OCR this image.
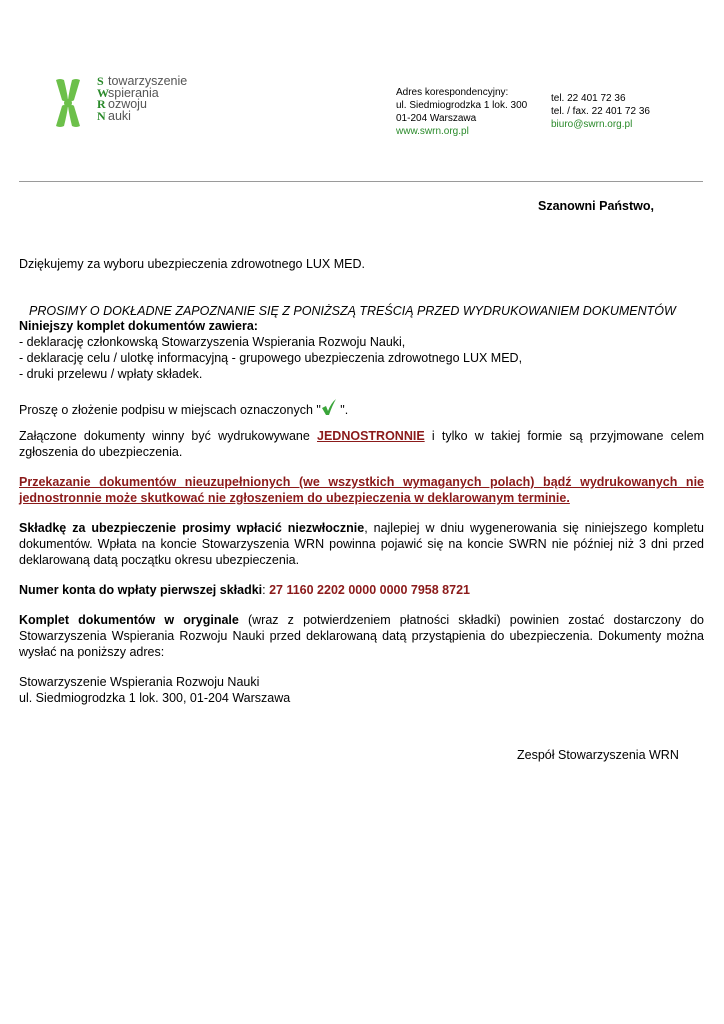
S towarzyszenie
Wspierania
R ozwoju
N auki
Adres korespondencyjny:
ul. Siedmiogrodzka 1 lok. 300
01-204 Warszawa
www.swrn.org.pl
tel. 22 401 72 36
tel. / fax. 22 401 72 36
biuro@swrn.org.pl
Szanowni Państwo,
Dziękujemy za wyboru ubezpieczenia zdrowotnego LUX MED.
PROSIMY O DOKŁADNE ZAPOZNANIE SIĘ Z PONIŻSZĄ TREŚCIĄ PRZED WYDRUKOWANIEM DOKUMENTÓW
Niniejszy komplet dokumentów zawiera:
- deklarację członkowską Stowarzyszenia Wspierania Rozwoju Nauki,
- deklarację celu / ulotkę informacyjną - grupowego ubezpieczenia zdrowotnego LUX MED,
- druki przelewu / wpłaty składek.
Proszę o złożenie podpisu w miejscach oznaczonych " ".
Załączone dokumenty winny być wydrukowywane JEDNOSTRONNIE i tylko w takiej formie są przyjmowane celem zgłoszenia do ubezpieczenia.
Przekazanie dokumentów nieuzupełnionych (we wszystkich wymaganych polach) bądź wydrukowanych nie jednostronnie może skutkować nie zgłoszeniem do ubezpieczenia w deklarowanym terminie.
Składkę za ubezpieczenie prosimy wpłacić niezwłocznie, najlepiej w dniu wygenerowania się niniejszego kompletu dokumentów. Wpłata na koncie Stowarzyszenia WRN powinna pojawić się na koncie SWRN nie później niż 3 dni przed deklarowaną datą początku okresu ubezpieczenia.
Numer konta do wpłaty pierwszej składki: 27 1160 2202 0000 0000 7958 8721
Komplet dokumentów w oryginale (wraz z potwierdzeniem płatności składki) powinien zostać dostarczony do Stowarzyszenia Wspierania Rozwoju Nauki przed deklarowaną datą przystąpienia do ubezpieczenia. Dokumenty można wysłać na poniższy adres:
Stowarzyszenie Wspierania Rozwoju Nauki
ul. Siedmiogrodzka 1 lok. 300, 01-204 Warszawa
Zespół Stowarzyszenia WRN
